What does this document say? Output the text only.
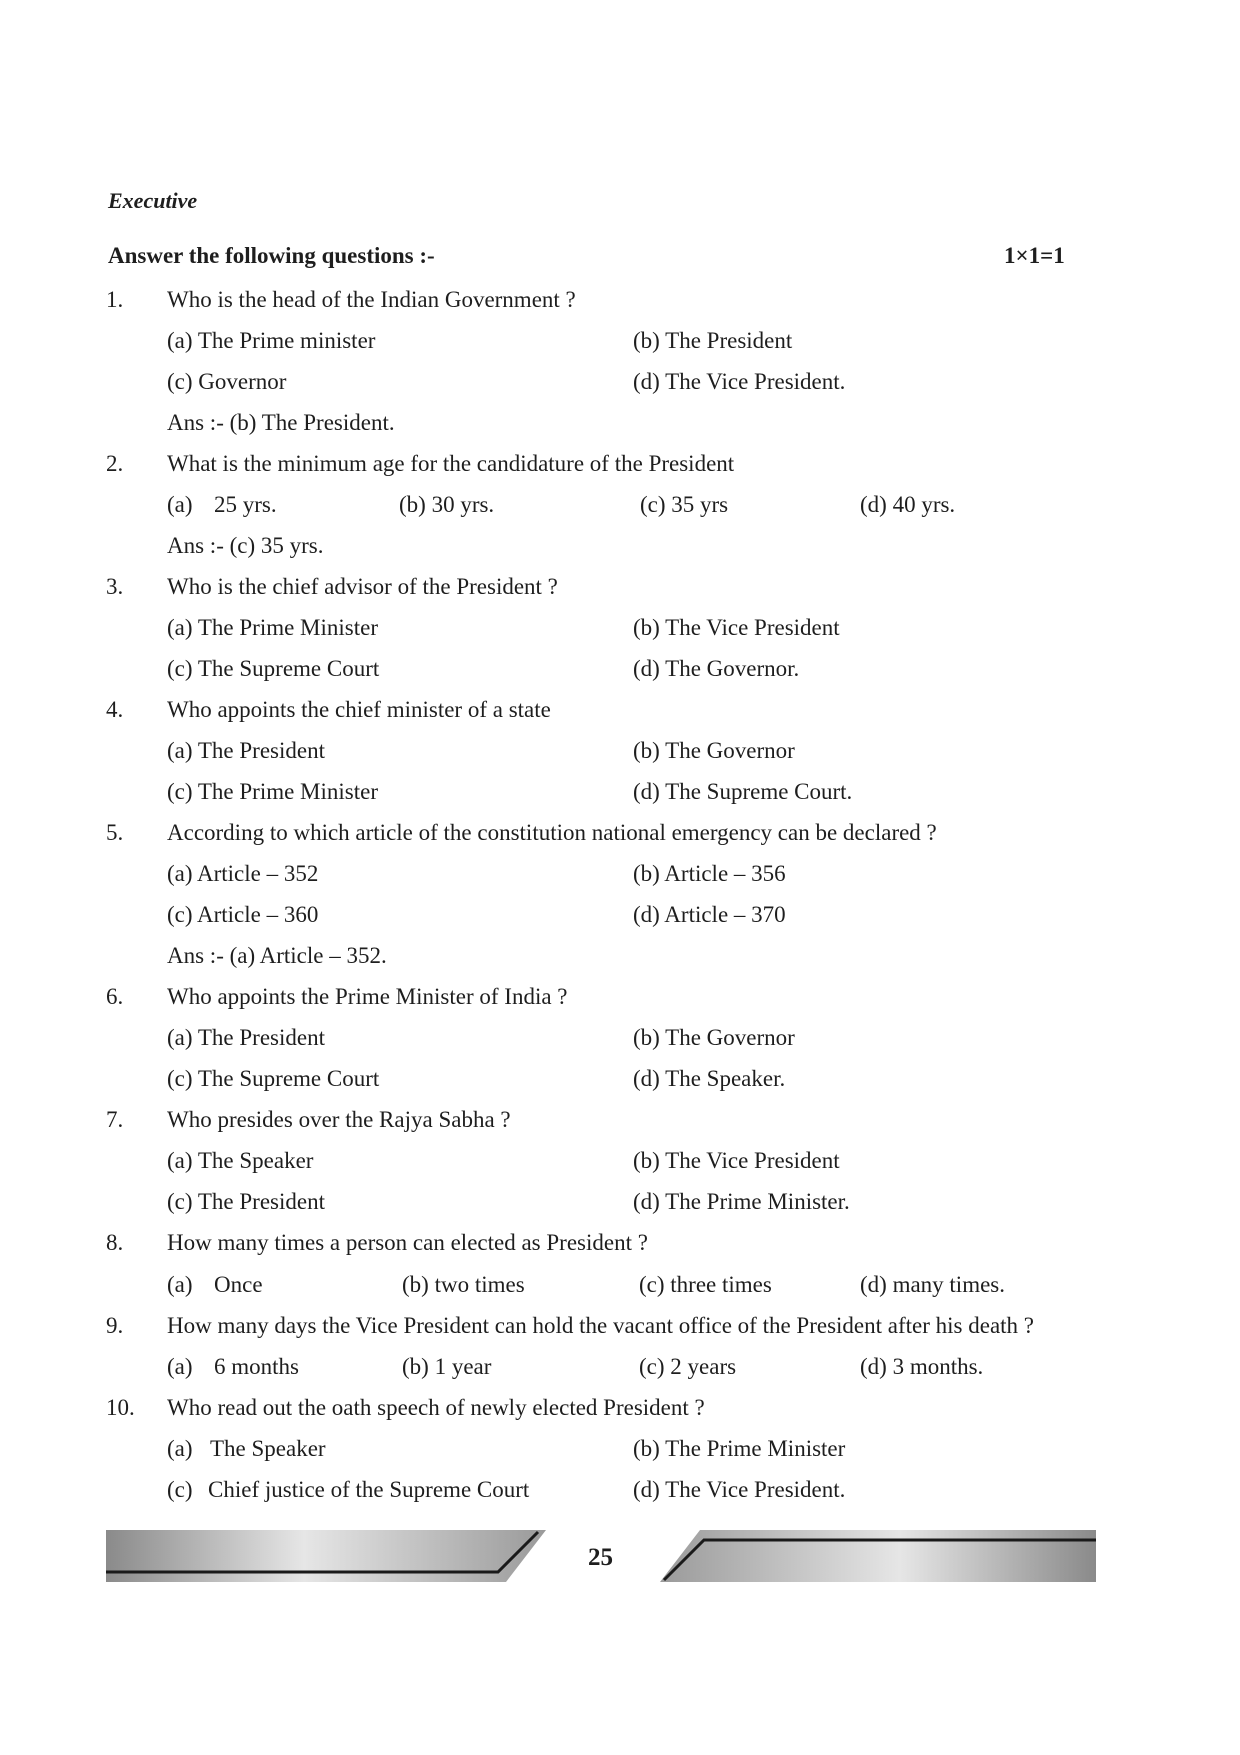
Executive
Answer the following questions :-	1×1=1
1. Who is the head of the Indian Government ?
(a) The Prime minister	(b) The President
(c) Governor	(d) The Vice President.
Ans :- (b) The President.
2. What is the minimum age for the candidature of the President
(a) 25 yrs.	(b) 30 yrs.	(c) 35 yrs	(d) 40 yrs.
Ans :- (c) 35 yrs.
3. Who is the chief advisor of the President ?
(a) The Prime Minister	(b) The Vice President
(c) The Supreme Court	(d) The Governor.
4. Who appoints the chief minister of a state
(a) The President	(b) The Governor
(c) The Prime Minister	(d) The Supreme Court.
5. According to which article of the constitution national emergency can be declared ?
(a) Article – 352	(b) Article – 356
(c) Article – 360	(d) Article – 370
Ans :- (a) Article – 352.
6. Who appoints the Prime Minister of India ?
(a) The President	(b) The Governor
(c) The Supreme Court	(d) The Speaker.
7. Who presides over the Rajya Sabha ?
(a) The Speaker	(b) The Vice President
(c) The President	(d) The Prime Minister.
8. How many times a person can elected as President ?
(a) Once	(b) two times	(c) three times	(d) many times.
9. How many days the Vice President can hold the vacant office of the President after his death ?
(a) 6 months	(b) 1 year	(c) 2 years	(d) 3 months.
10. Who read out the oath speech of newly elected President ?
(a) The Speaker	(b) The Prime Minister
(c) Chief justice of the Supreme Court	(d) The Vice President.
25
